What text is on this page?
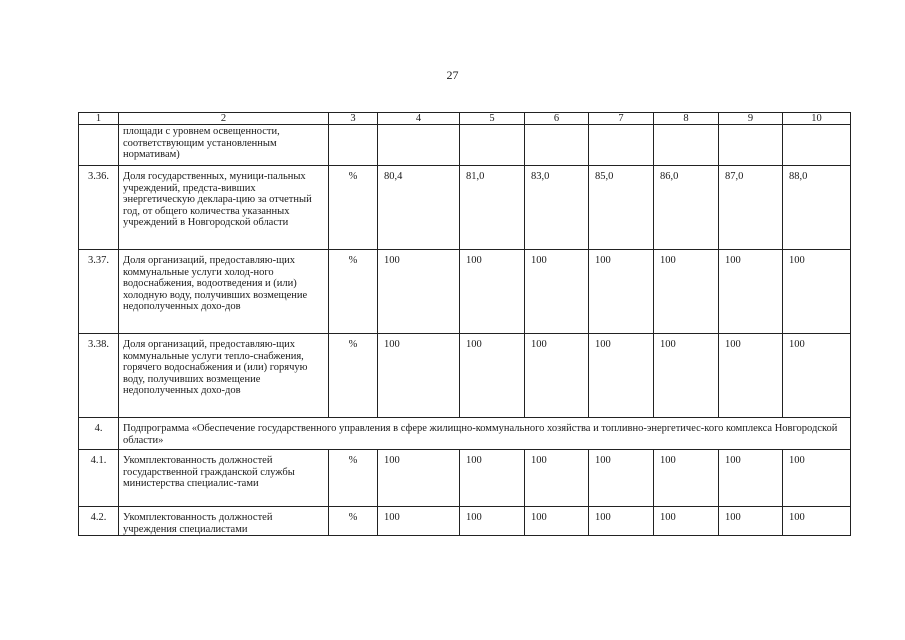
27
1	2	3	4	5	6	7	8	9	10
	площади с уровнем освещенности, соответствующим установленным нормативам)								
3.36.	Доля государственных, муници-пальных учреждений, предста-вивших энергетическую деклара-цию за отчетный год, от общего количества указанных учреждений в Новгородской области	%	80,4	81,0	83,0	85,0	86,0	87,0	88,0
3.37.	Доля организаций, предоставляю-щих коммунальные услуги холод-ного водоснабжения, водоотведения и (или) холодную воду, получивших возмещение недополученных дохо-дов	%	100	100	100	100	100	100	100
3.38.	Доля организаций, предоставляю-щих коммунальные услуги тепло-снабжения, горячего водоснабжения и (или) горячую воду, получивших возмещение недополученных дохо-дов	%	100	100	100	100	100	100	100
4.	Подпрограмма «Обеспечение государственного управления в сфере жилищно-коммунального хозяйства и топливно-энергетичес-кого комплекса Новгородской области»								
4.1.	Укомплектованность должностей государственной гражданской службы министерства специалис-тами	%	100	100	100	100	100	100	100
4.2.	Укомплектованность должностей учреждения специалистами	%	100	100	100	100	100	100	100
